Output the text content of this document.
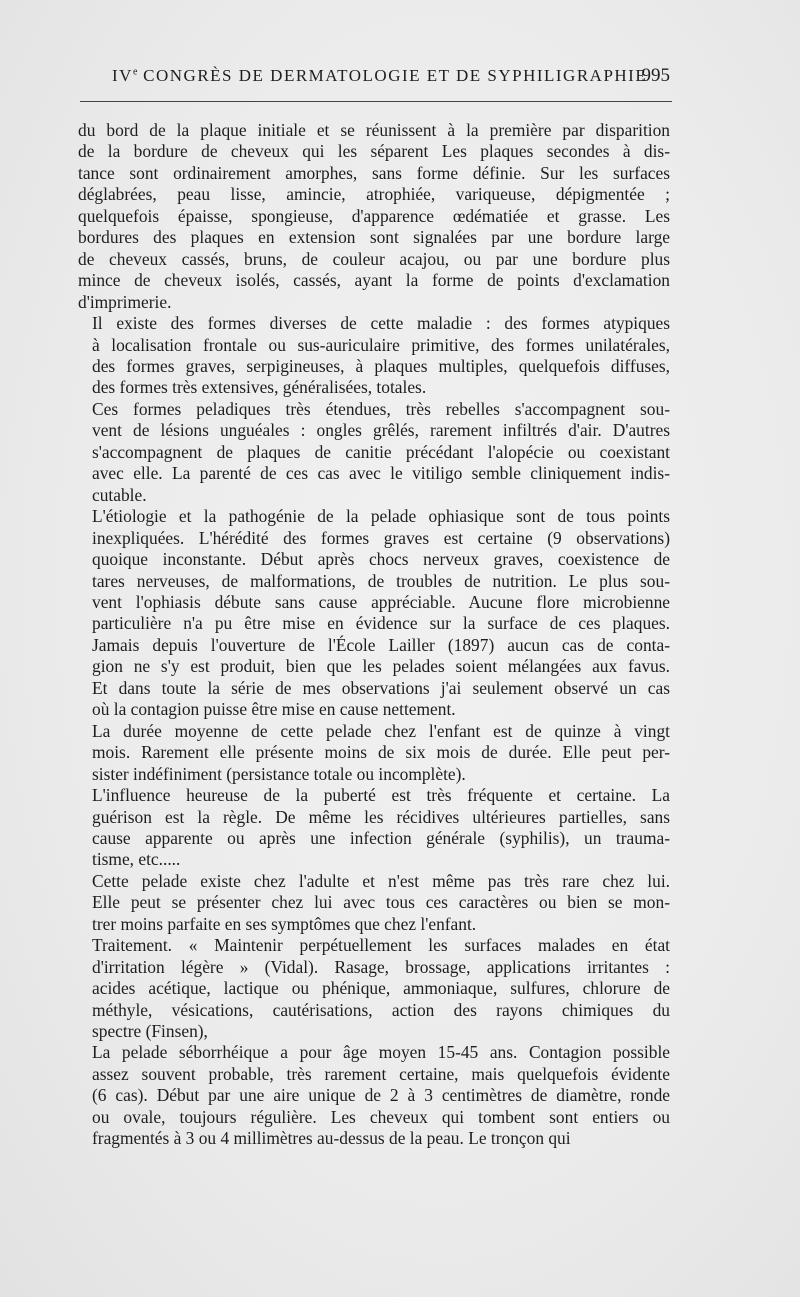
IVe CONGRÈS DE DERMATOLOGIE ET DE SYPHILIGRAPHIE
995
du bord de la plaque initiale et se réunissent à la première par disparition
de la bordure de cheveux qui les séparent Les plaques secondes à dis-
tance sont ordinairement amorphes, sans forme définie. Sur les surfaces
déglabrées, peau lisse, amincie, atrophiée, variqueuse, dépigmentée ;
quelquefois épaisse, spongieuse, d'apparence œdématiée et grasse. Les
bordures des plaques en extension sont signalées par une bordure large
de cheveux cassés, bruns, de couleur acajou, ou par une bordure plus
mince de cheveux isolés, cassés, ayant la forme de points d'exclamation
d'imprimerie.
Il existe des formes diverses de cette maladie : des formes atypiques
à localisation frontale ou sus-auriculaire primitive, des formes unilatérales,
des formes graves, serpigineuses, à plaques multiples, quelquefois diffuses,
des formes très extensives, généralisées, totales.
Ces formes peladiques très étendues, très rebelles s'accompagnent sou-
vent de lésions unguéales : ongles grêlés, rarement infiltrés d'air. D'autres
s'accompagnent de plaques de canitie précédant l'alopécie ou coexistant
avec elle. La parenté de ces cas avec le vitiligo semble cliniquement indis-
cutable.
L'étiologie et la pathogénie de la pelade ophiasique sont de tous points
inexpliquées. L'hérédité des formes graves est certaine (9 observations)
quoique inconstante. Début après chocs nerveux graves, coexistence de
tares nerveuses, de malformations, de troubles de nutrition. Le plus sou-
vent l'ophiasis débute sans cause appréciable. Aucune flore microbienne
particulière n'a pu être mise en évidence sur la surface de ces plaques.
Jamais depuis l'ouverture de l'École Lailler (1897) aucun cas de conta-
gion ne s'y est produit, bien que les pelades soient mélangées aux favus.
Et dans toute la série de mes observations j'ai seulement observé un cas
où la contagion puisse être mise en cause nettement.
La durée moyenne de cette pelade chez l'enfant est de quinze à vingt
mois. Rarement elle présente moins de six mois de durée. Elle peut per-
sister indéfiniment (persistance totale ou incomplète).
L'influence heureuse de la puberté est très fréquente et certaine. La
guérison est la règle. De même les récidives ultérieures partielles, sans
cause apparente ou après une infection générale (syphilis), un trauma-
tisme, etc.....
Cette pelade existe chez l'adulte et n'est même pas très rare chez lui.
Elle peut se présenter chez lui avec tous ces caractères ou bien se mon-
trer moins parfaite en ses symptômes que chez l'enfant.
Traitement. « Maintenir perpétuellement les surfaces malades en état
d'irritation légère » (Vidal). Rasage, brossage, applications irritantes :
acides acétique, lactique ou phénique, ammoniaque, sulfures, chlorure de
méthyle, vésications, cautérisations, action des rayons chimiques du
spectre (Finsen),
La pelade séborrhéique a pour âge moyen 15-45 ans. Contagion possible
assez souvent probable, très rarement certaine, mais quelquefois évidente
(6 cas). Début par une aire unique de 2 à 3 centimètres de diamètre, ronde
ou ovale, toujours régulière. Les cheveux qui tombent sont entiers ou
fragmentés à 3 ou 4 millimètres au-dessus de la peau. Le tronçon qui
